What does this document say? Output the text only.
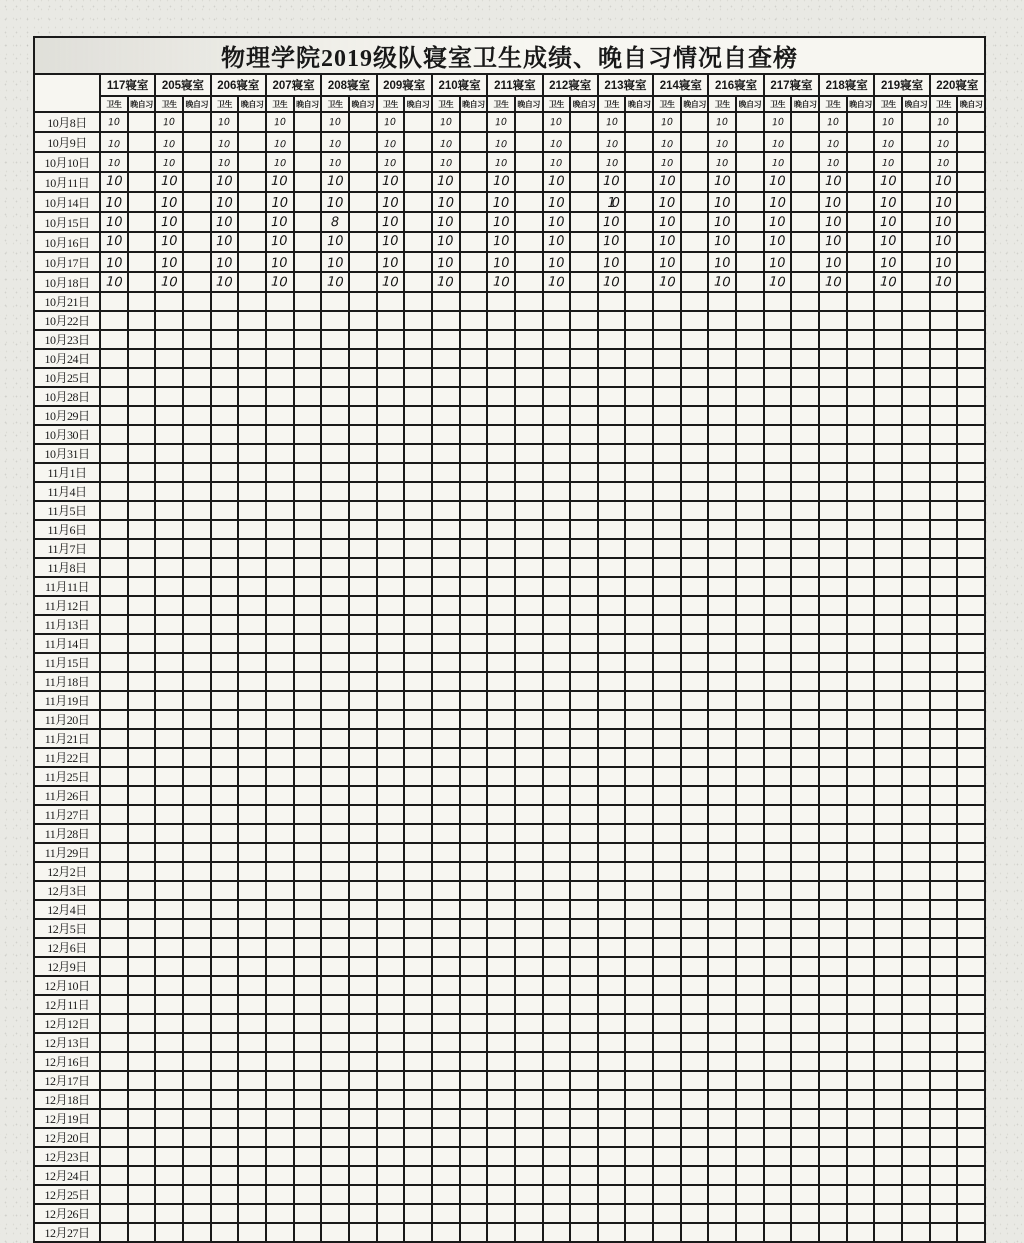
物理学院2019级队寝室卫生成绩、晚自习情况自查榜																																
	117寝室		205寝室		206寝室		207寝室		208寝室		209寝室		210寝室		211寝室		212寝室		213寝室		214寝室		216寝室		217寝室		218寝室		219寝室		220寝室	
	卫生	晚自习	卫生	晚自习	卫生	晚自习	卫生	晚自习	卫生	晚自习	卫生	晚自习	卫生	晚自习	卫生	晚自习	卫生	晚自习	卫生	晚自习	卫生	晚自习	卫生	晚自习	卫生	晚自习	卫生	晚自习	卫生	晚自习	卫生	晚自习
10月8日	10		10		10		10		10		10		10		10		10		10		10		10		10		10		10		10	
10月9日	10		10		10		10		10		10		10		10		10		10		10		10		10		10		10		10	
10月10日	10		10		10		10		10		10		10		10		10		10		10		10		10		10		10		10	
10月11日	10		10		10		10		10		10		10		10		10		10		10		10		10		10		10		10	
10月14日	10		10		10		10		10		10		10		10		10		10		10		10		10		10		10		10	
10月15日	10		10		10		10		8		10		10		10		10		10		10		10		10		10		10		10	
10月16日	10		10		10		10		10		10		10		10		10		10		10		10		10		10		10		10	
10月17日	10		10		10		10		10		10		10		10		10		10		10		10		10		10		10		10	
10月18日	10		10		10		10		10		10		10		10		10		10		10		10		10		10		10		10	
10月21日																																
10月22日																																
10月23日																																
10月24日																																
10月25日																																
10月28日																																
10月29日																																
10月30日																																
10月31日																																
11月1日																																
11月4日																																
11月5日																																
11月6日																																
11月7日																																
11月8日																																
11月11日																																
11月12日																																
11月13日																																
11月14日																																
11月15日																																
11月18日																																
11月19日																																
11月20日																																
11月21日																																
11月22日																																
11月25日																																
11月26日																																
11月27日																																
11月28日																																
11月29日																																
12月2日																																
12月3日																																
12月4日																																
12月5日																																
12月6日																																
12月9日																																
12月10日																																
12月11日																																
12月12日																																
12月13日																																
12月16日																																
12月17日																																
12月18日																																
12月19日																																
12月20日																																
12月23日																																
12月24日																																
12月25日																																
12月26日																																
12月27日																																
